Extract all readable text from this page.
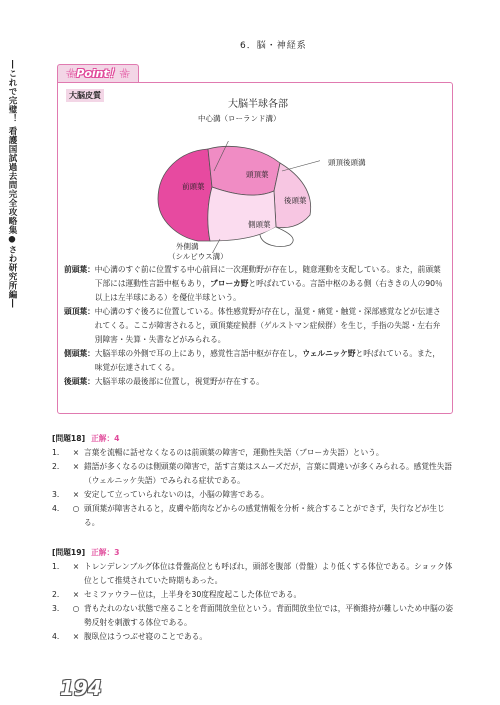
6．脳・神経系
―これで完璧！ 看護国試過去問完全攻略集●さわ研究所編―	☆Point！☆
大脳皮質
大脳半球各部
中心溝（ローランド溝）
頭頂後頭溝
前頭葉
頭頂葉
後頭葉
側頭葉
外側溝
（シルビウス溝）
前頭葉： 中心溝のすぐ前に位置する中心前回に一次運動野が存在し，随意運動を支配している。また，前頭葉下部には運動性言語中枢もあり，ブローカ野と呼ばれている。言語中枢のある側（右ききの人の90％以上は左半球にある）を優位半球という。
頭頂葉： 中心溝のすぐ後ろに位置している。体性感覚野が存在し，温覚・痛覚・触覚・深部感覚などが伝達されてくる。ここが障害されると，頭頂葉症候群（ゲルストマン症候群）を生じ，手指の失認・左右弁別障害・失算・失書などがみられる。
側頭葉： 大脳半球の外側で耳の上にあり，感覚性言語中枢が存在し，ウェルニッケ野と呼ばれている。また，味覚が伝達されてくる。
後頭葉： 大脳半球の最後部に位置し，視覚野が存在する。
[問題18] 正解：4
1．	× 言葉を流暢に話せなくなるのは前頭葉の障害で，運動性失語（ブローカ失語）という。
2．	× 錯語が多くなるのは側頭葉の障害で，話す言葉はスムーズだが，言葉に間違いが多くみられる。感覚性失語（ウェルニッケ失語）でみられる症状である。
3．	× 安定して立っていられないのは，小脳の障害である。
4．	○ 頭頂葉が障害されると，皮膚や筋肉などからの感覚情報を分析・統合することができず，失行などが生じる。
[問題19] 正解：3
1．	× トレンデレンブルグ体位は骨盤高位とも呼ばれ，頭部を腹部（骨盤）より低くする体位である。ショック体位として推奨されていた時期もあった。
2．	× セミファウラー位は，上半身を30度程度起こした体位である。
3．	○ 背もたれのない状態で座ることを背面開放坐位という。背面開放坐位では，平衡維持が難しいため中脳の姿勢反射を刺激する体位である。
4．	× 腹臥位はうつぶせ寝のことである。
194
